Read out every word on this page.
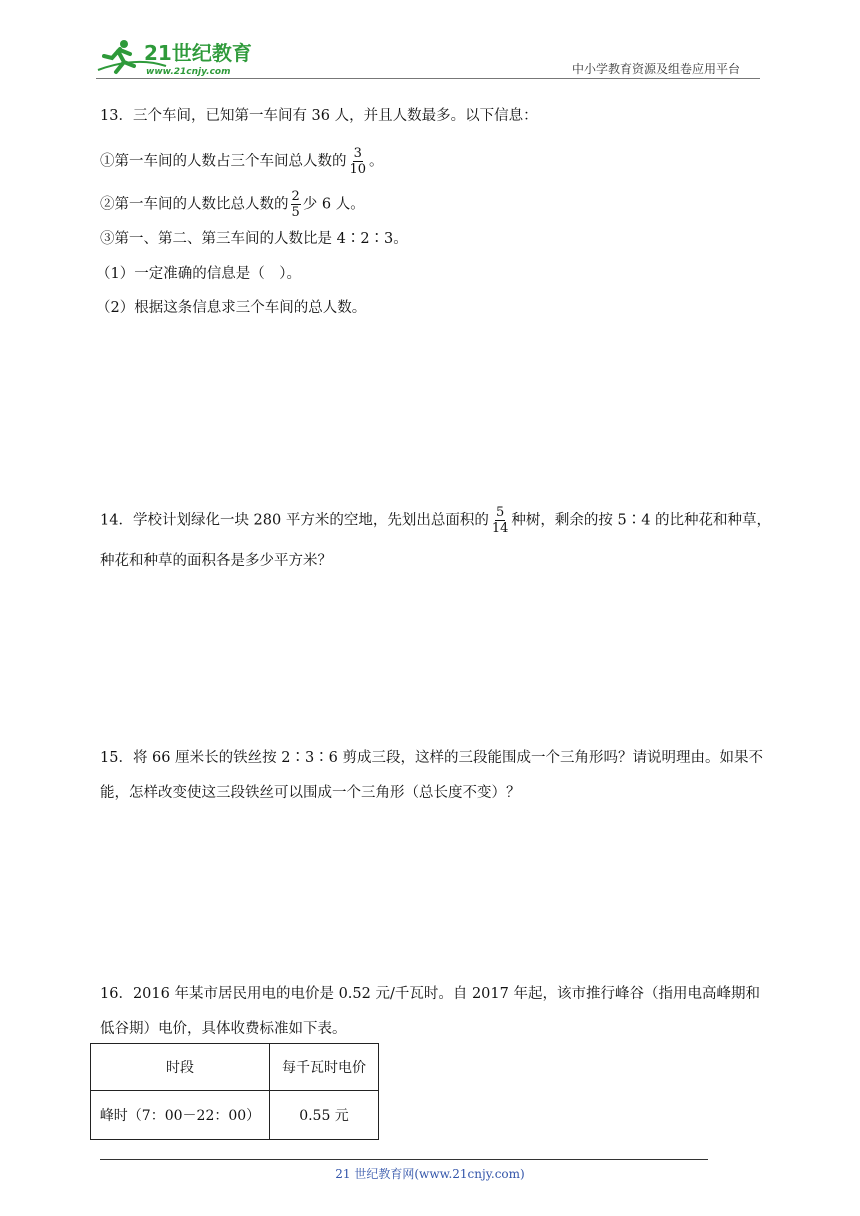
21世纪教育
www.21cnjy.com	中小学教育资源及组卷应用平台
13．三个车间，已知第一车间有 36 人，并且人数最多。以下信息：
①第一车间的人数占三个车间总人数的 $\frac{3}{10}$ 。
②第一车间的人数比总人数的 $\frac{2}{5}$ 少 6 人。
③第一、第二、第三车间的人数比是 4∶2∶3。
（1）一定准确的信息是（　）。
（2）根据这条信息求三个车间的总人数。
14．学校计划绿化一块 280 平方米的空地，先划出总面积的 $\frac{5}{14}$ 种树，剩余的按 5∶4 的比种花和种草，
种花和种草的面积各是多少平方米？
15．将 66 厘米长的铁丝按 2∶3∶6 剪成三段，这样的三段能围成一个三角形吗？请说明理由。如果不
能，怎样改变使这三段铁丝可以围成一个三角形（总长度不变）？
16．2016 年某市居民用电的电价是 0.52 元/千瓦时。自 2017 年起，该市推行峰谷（指用电高峰期和
低谷期）电价，具体收费标准如下表。
时段	每千瓦时电价
峰时（7：00－22：00）	0.55 元
21 世纪教育网(www.21cnjy.com)
